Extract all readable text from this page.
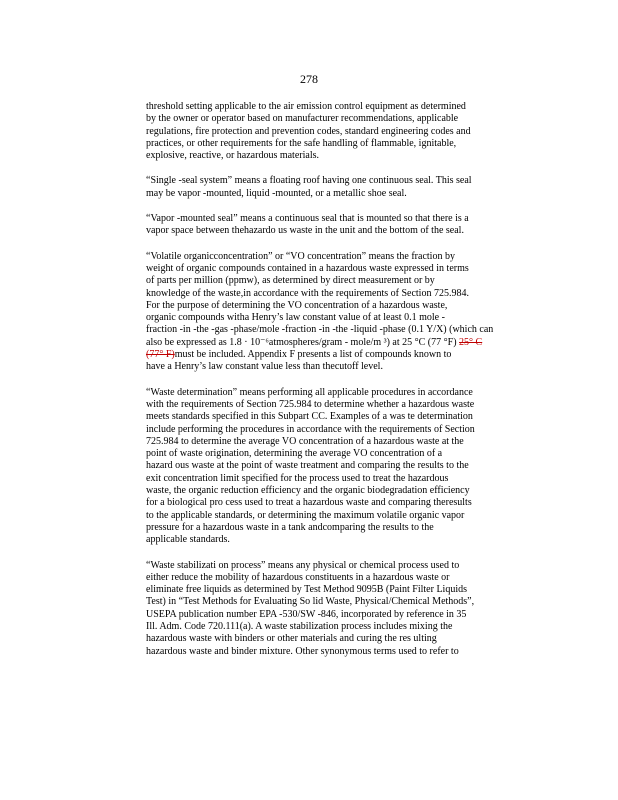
278
threshold setting applicable to the air emission control equipment as determined
by the owner or operator based on manufacturer recommendations, applicable
regulations, fire protection and prevention codes, standard engineering codes and
practices, or other requirements for the safe handling of flammable, ignitable,
explosive, reactive, or hazardous materials.
“Single -seal system” means a floating roof having one continuous seal. This seal
may be vapor -mounted, liquid -mounted, or a metallic shoe seal.
“Vapor -mounted seal” means a continuous seal that is mounted so that there is a
vapor space between thehazardo us waste in the unit and the bottom of the seal.
“Volatile organicconcentration” or “VO concentration” means the fraction by
weight of organic compounds contained in a hazardous waste expressed in terms
of parts per million (ppmw), as determined by direct measurement or by
knowledge of the waste,in accordance with the requirements of Section 725.984.
For the purpose of determining the VO concentration of a hazardous waste,
organic compounds witha Henry’s law constant value of at least 0.1 mole -
fraction -in -the -gas -phase/mole -fraction -in -the -liquid -phase (0.1 Y/X) (which can
also be expressed as 1.8 · 10⁻⁶atmospheres/gram - mole/m ³) at 25 °C (77 °F) 25° C
(77° F)must be included. Appendix F presents a list of compounds known to
have a Henry’s law constant value less than thecutoff level.
“Waste determination” means performing all applicable procedures in accordance
with the requirements of Section 725.984 to determine whether a hazardous waste
meets standards specified in this Subpart CC. Examples of a was te determination
include performing the procedures in accordance with the requirements of Section
725.984 to determine the average VO concentration of a hazardous waste at the
point of waste origination, determining the average VO concentration of a
hazard ous waste at the point of waste treatment and comparing the results to the
exit concentration limit specified for the process used to treat the hazardous
waste, the organic reduction efficiency and the organic biodegradation efficiency
for a biological pro cess used to treat a hazardous waste and comparing theresults
to the applicable standards, or determining the maximum volatile organic vapor
pressure for a hazardous waste in a tank andcomparing the results to the
applicable standards.
“Waste stabilizati on process” means any physical or chemical process used to
either reduce the mobility of hazardous constituents in a hazardous waste or
eliminate free liquids as determined by Test Method 9095B (Paint Filter Liquids
Test) in “Test Methods for Evaluating So lid Waste, Physical/Chemical Methods”,
USEPA publication number EPA -530/SW -846, incorporated by reference in 35
Ill. Adm. Code 720.111(a). A waste stabilization process includes mixing the
hazardous waste with binders or other materials and curing the res ulting
hazardous waste and binder mixture. Other synonymous terms used to refer to
